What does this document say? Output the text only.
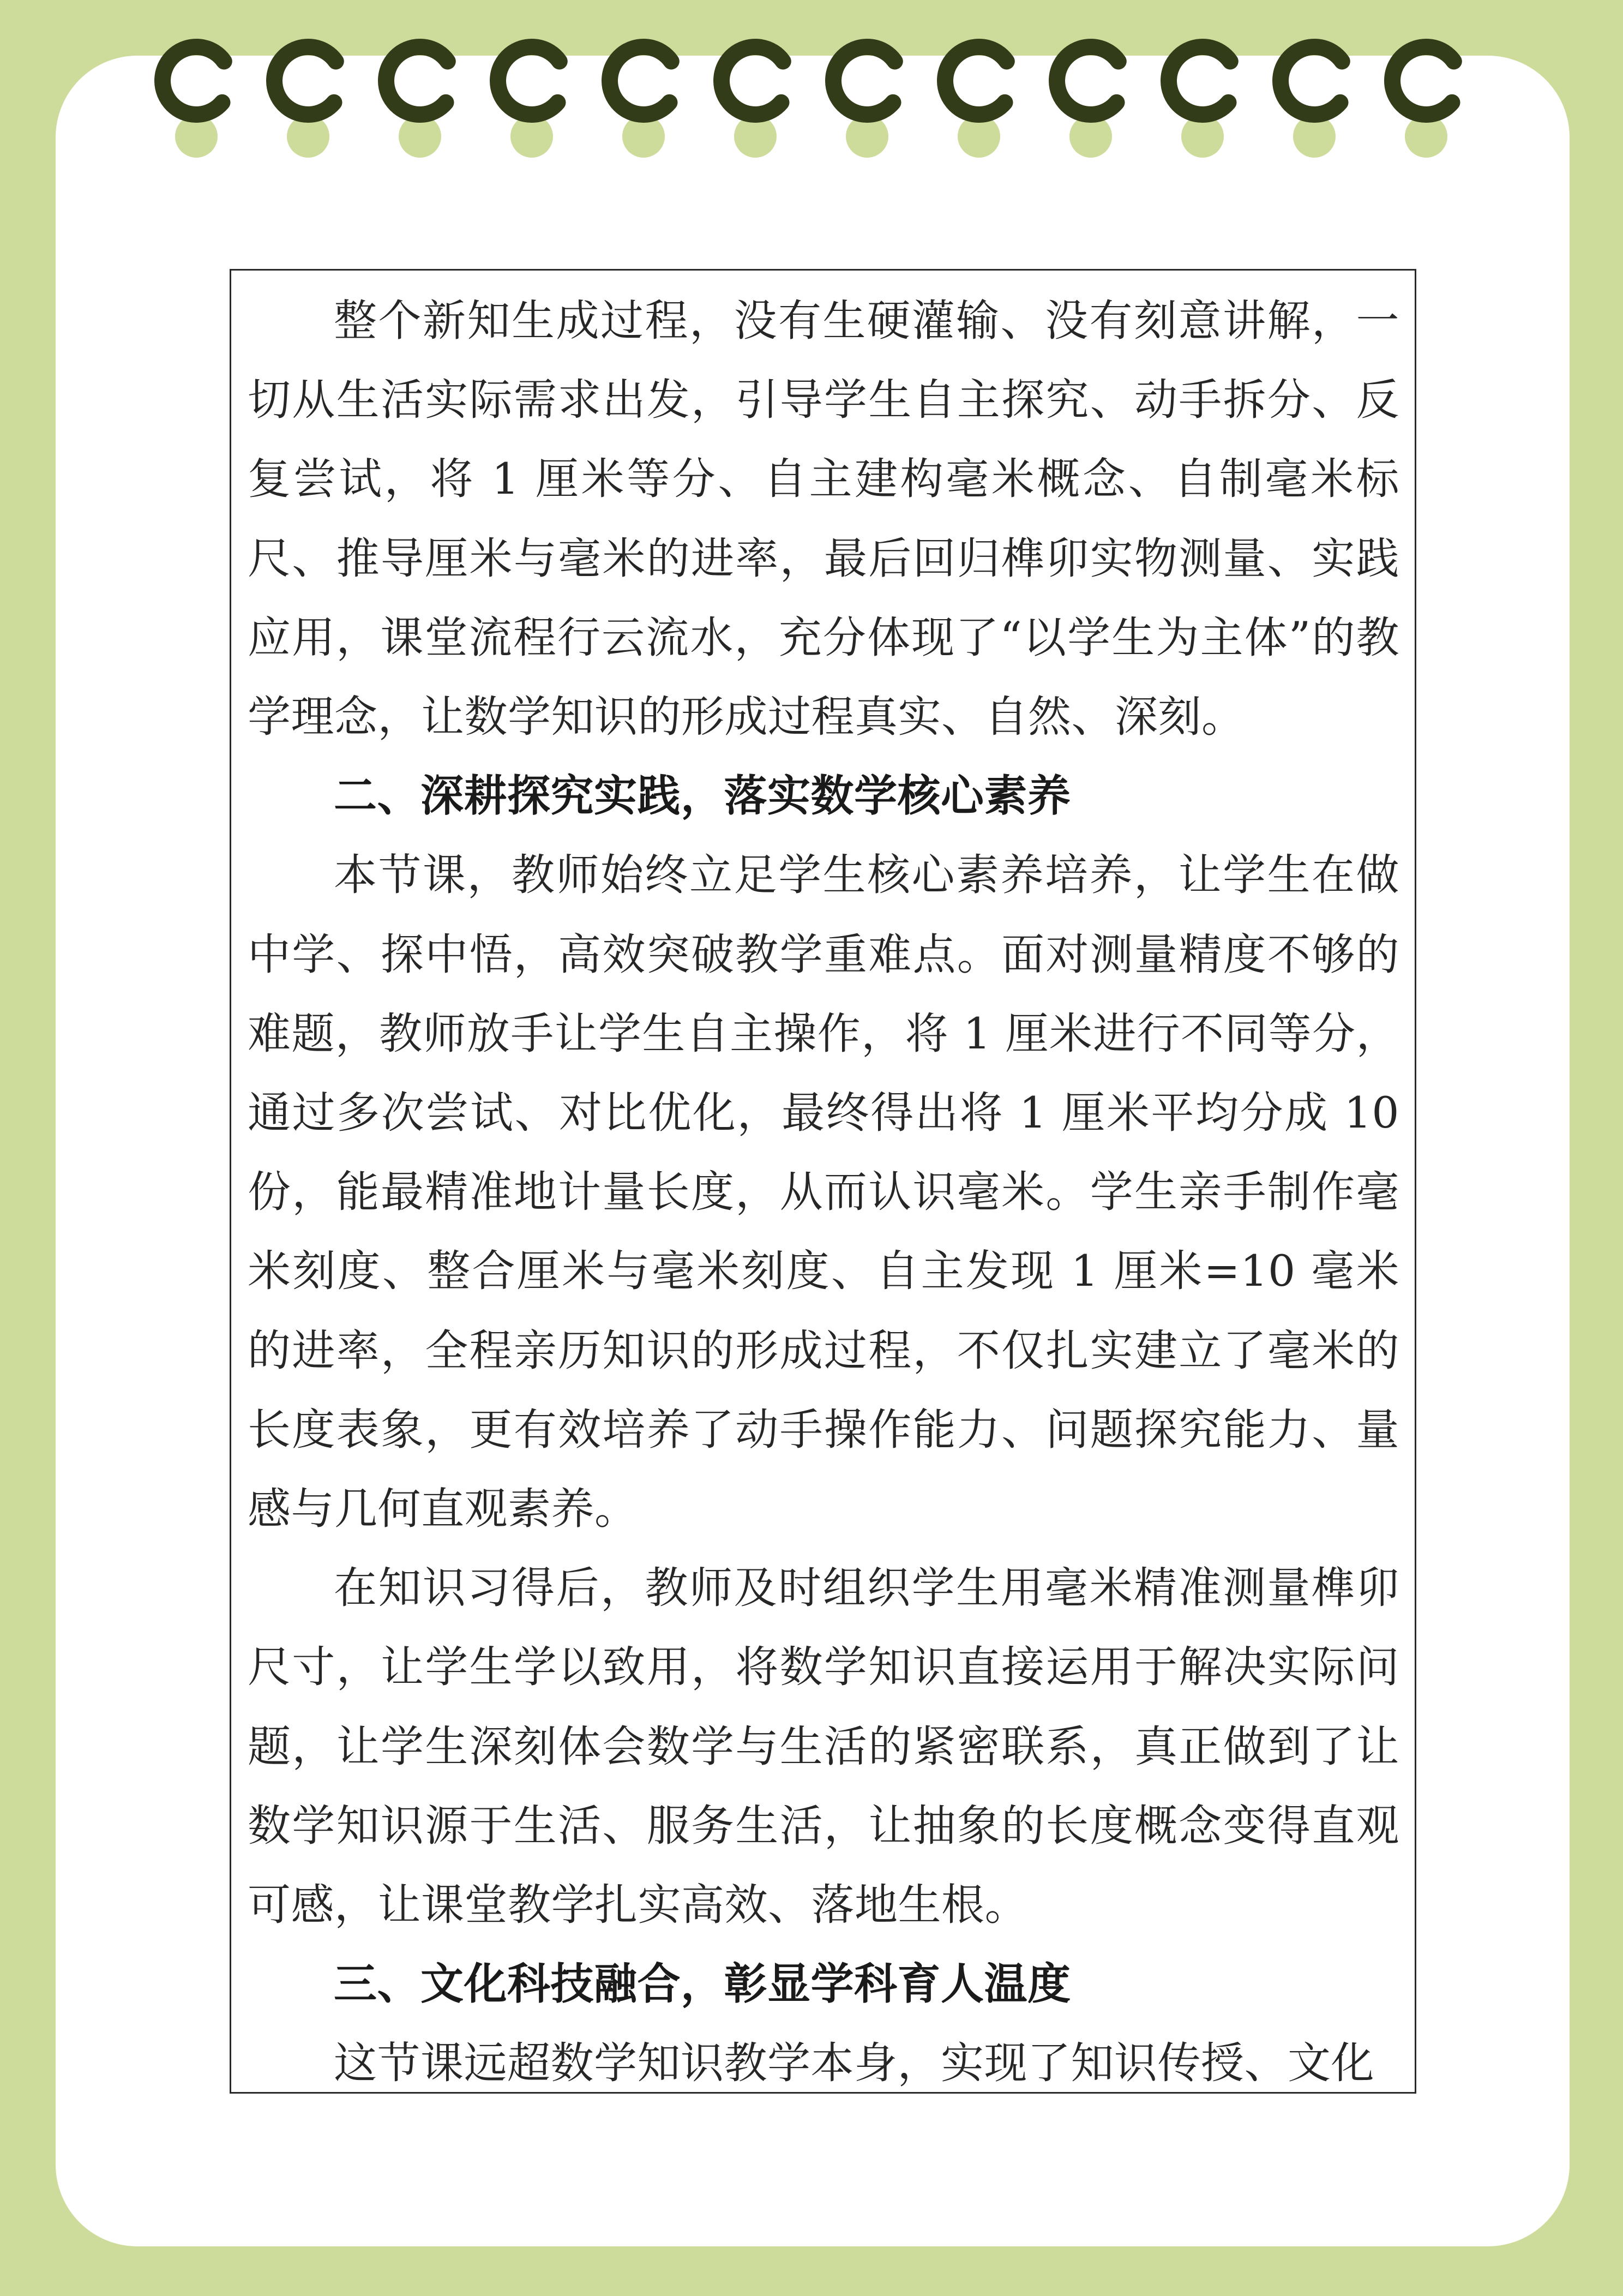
整个新知生成过程，没有生硬灌输、没有刻意讲解，一切从生活实际需求出发，引导学生自主探究、动手拆分、反复尝试，将 1 厘米等分、自主建构毫米概念、自制毫米标尺、推导厘米与毫米的进率，最后回归榫卯实物测量、实践应用，课堂流程行云流水，充分体现了“以学生为主体”的教学理念，让数学知识的形成过程真实、自然、深刻。

二、深耕探究实践，落实数学核心素养

本节课，教师始终立足学生核心素养培养，让学生在做中学、探中悟，高效突破教学重难点。面对测量精度不够的难题，教师放手让学生自主操作，将 1 厘米进行不同等分，通过多次尝试、对比优化，最终得出将 1 厘米平均分成 10 份，能最精准地计量长度，从而认识毫米。学生亲手制作毫米刻度、整合厘米与毫米刻度、自主发现 1 厘米=10 毫米的进率，全程亲历知识的形成过程，不仅扎实建立了毫米的长度表象，更有效培养了动手操作能力、问题探究能力、量感与几何直观素养。

在知识习得后，教师及时组织学生用毫米精准测量榫卯尺寸，让学生学以致用，将数学知识直接运用于解决实际问题，让学生深刻体会数学与生活的紧密联系，真正做到了让数学知识源于生活、服务生活，让抽象的长度概念变得直观可感，让课堂教学扎实高效、落地生根。

三、文化科技融合，彰显学科育人温度

这节课远超数学知识教学本身，实现了知识传授、文化
